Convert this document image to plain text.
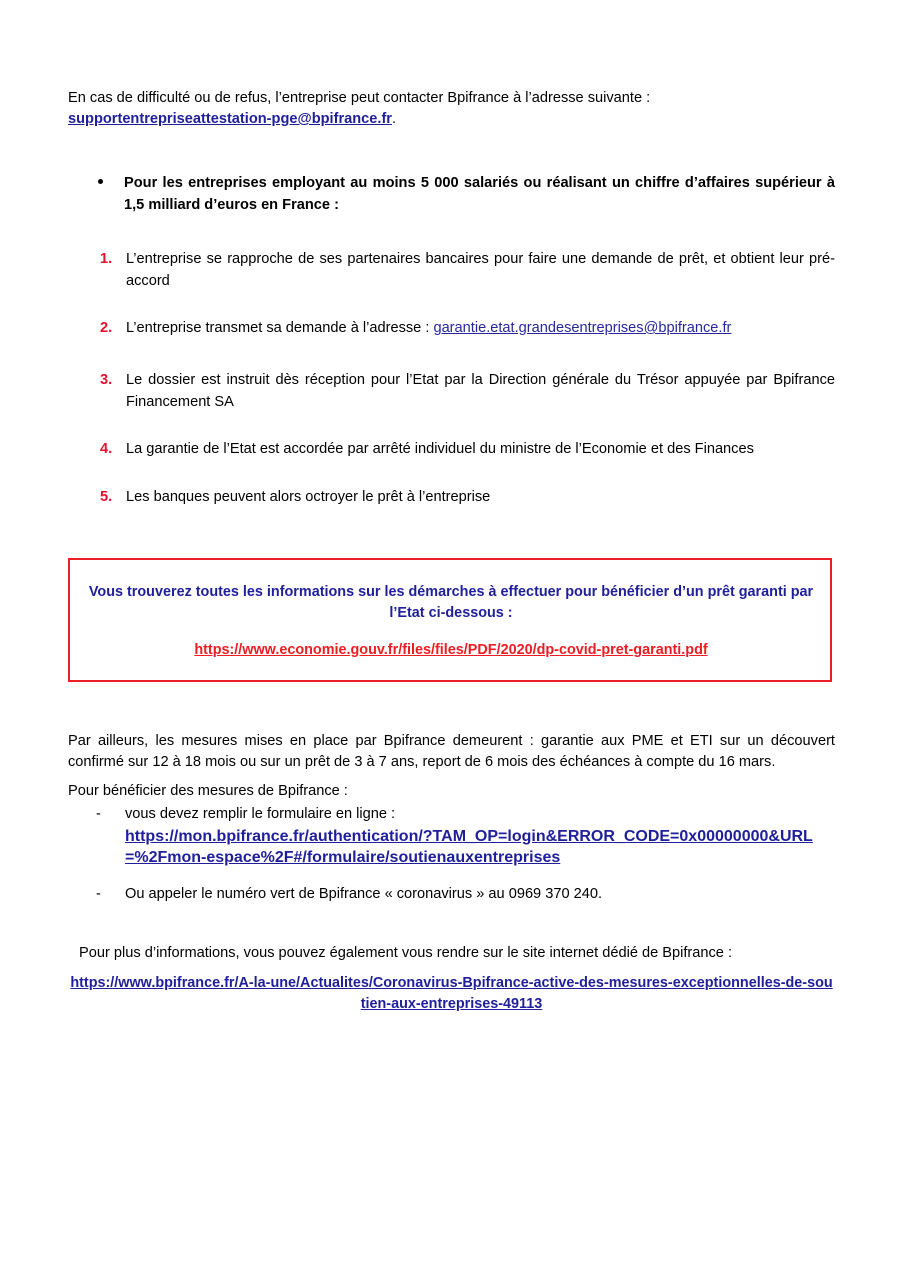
En cas de difficulté ou de refus, l’entreprise peut contacter Bpifrance à l’adresse suivante :
supportentrepriseattestation-pge@bpifrance.fr.

Pour les entreprises employant au moins 5 000 salariés ou réalisant un chiffre d’affaires supérieur à 1,5 milliard d’euros en France :
1. L’entreprise se rapproche de ses partenaires bancaires pour faire une demande de prêt, et obtient leur pré-accord
2. L’entreprise transmet sa demande à l’adresse : garantie.etat.grandesentreprises@bpifrance.fr
3. Le dossier est instruit dès réception pour l’Etat par la Direction générale du Trésor appuyée par Bpifrance Financement SA
4. La garantie de l’Etat est accordée par arrêté individuel du ministre de l’Economie et des Finances
5. Les banques peuvent alors octroyer le prêt à l’entreprise
Vous trouverez toutes les informations sur les démarches à effectuer pour bénéficier d’un prêt garanti par l’Etat ci-dessous :
https://www.economie.gouv.fr/files/files/PDF/2020/dp-covid-pret-garanti.pdf

Par ailleurs, les mesures mises en place par Bpifrance demeurent : garantie aux PME et ETI sur un découvert confirmé sur 12 à 18 mois ou sur un prêt de 3 à 7 ans, report de 6 mois des échéances à compte du 16 mars.

Pour bénéficier des mesures de Bpifrance :

- vous devez remplir le formulaire en ligne :
https://mon.bpifrance.fr/authentication/?TAM_OP=login&ERROR_CODE=0x00000000&URL=%2Fmon-espace%2F#/formulaire/soutienauxentreprises
- Ou appeler le numéro vert de Bpifrance « coronavirus » au 0969 370 240.
Pour plus d’informations, vous pouvez également vous rendre sur le site internet dédié de Bpifrance :
https://www.bpifrance.fr/A-la-une/Actualites/Coronavirus-Bpifrance-active-des-mesures-exceptionnelles-de-soutien-aux-entreprises-49113
